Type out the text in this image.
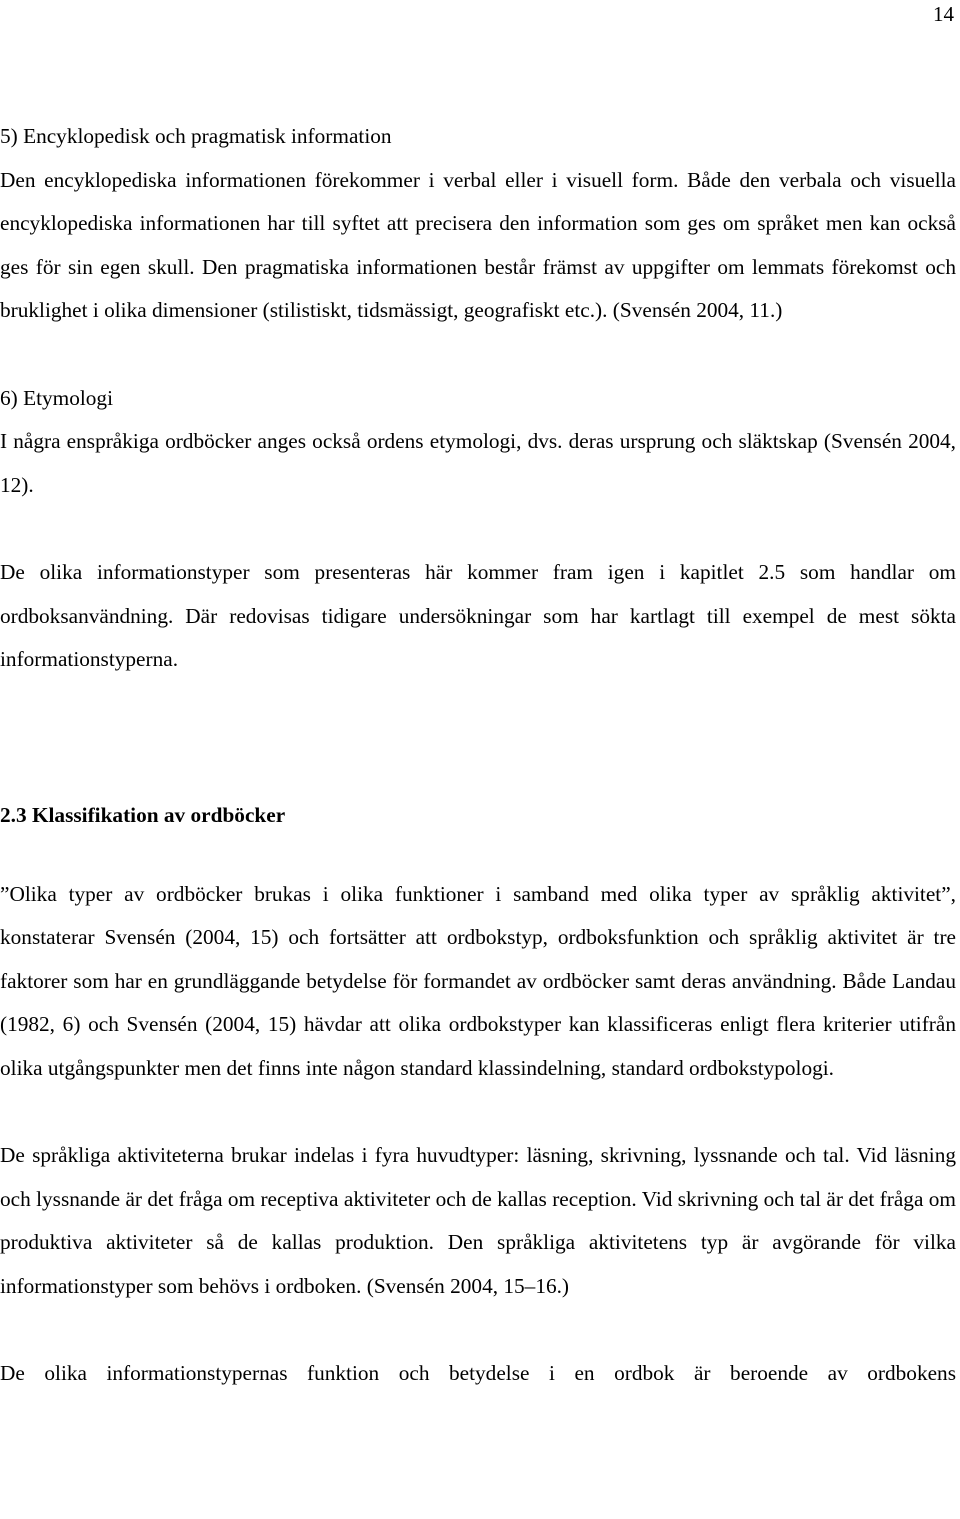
14

5) Encyklopedisk och pragmatisk information

Den encyklopediska informationen förekommer i verbal eller i visuell form. Både den verbala och visuella encyklopediska informationen har till syftet att precisera den information som ges om språket men kan också ges för sin egen skull. Den pragmatiska informationen består främst av uppgifter om lemmats förekomst och bruklighet i olika dimensioner (stilistiskt, tidsmässigt, geografiskt etc.). (Svensén 2004, 11.)

6) Etymologi

I några enspråkiga ordböcker anges också ordens etymologi, dvs. deras ursprung och släktskap (Svensén 2004, 12).

De olika informationstyper som presenteras här kommer fram igen i kapitlet 2.5 som handlar om ordboksanvändning. Där redovisas tidigare undersökningar som har kartlagt till exempel de mest sökta informationstyperna.

2.3 Klassifikation av ordböcker

”Olika typer av ordböcker brukas i olika funktioner i samband med olika typer av språklig aktivitet”, konstaterar Svensén (2004, 15) och fortsätter att ordbokstyp, ordboksfunktion och språklig aktivitet är tre faktorer som har en grundläggande betydelse för formandet av ordböcker samt deras användning. Både Landau (1982, 6) och Svensén (2004, 15) hävdar att olika ordbokstyper kan klassificeras enligt flera kriterier utifrån olika utgångspunkter men det finns inte någon standard klassindelning, standard ordbokstypologi.

De språkliga aktiviteterna brukar indelas i fyra huvudtyper: läsning, skrivning, lyssnande och tal. Vid läsning och lyssnande är det fråga om receptiva aktiviteter och de kallas reception. Vid skrivning och tal är det fråga om produktiva aktiviteter så de kallas produktion. Den språkliga aktivitetens typ är avgörande för vilka informationstyper som behövs i ordboken. (Svensén 2004, 15–16.)

De olika informationstypernas funktion och betydelse i en ordbok är beroende av ordbokens
